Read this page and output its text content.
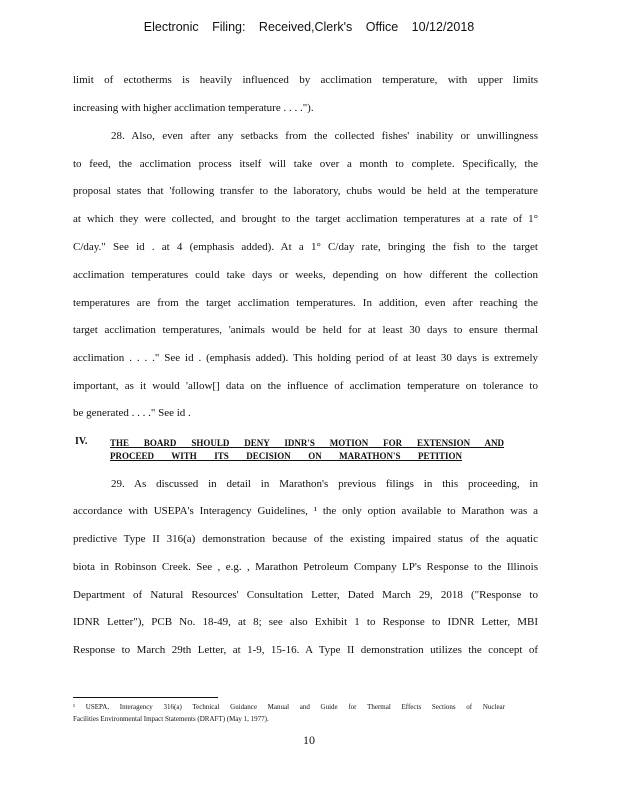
Electronic Filing: Received,Clerk's Office 10/12/2018
limit of ectotherms is heavily influenced by acclimation temperature, with upper limits
increasing with higher acclimation temperature . . . .").
28. Also, even after any setbacks from the collected fishes' inability or unwillingness
to feed, the acclimation process itself will take over a month to complete. Specifically, the
proposal states that 'following transfer to the laboratory, chubs would be held at the temperature
at which they were collected, and brought to the target acclimation temperatures at a rate of 1°
C/day." See id . at 4 (emphasis added). At a 1° C/day rate, bringing the fish to the target
acclimation temperatures could take days or weeks, depending on how different the collection
temperatures are from the target acclimation temperatures. In addition, even after reaching the
target acclimation temperatures, 'animals would be held for at least 30 days to ensure thermal
acclimation . . . ." See id . (emphasis added). This holding period of at least 30 days is extremely
important, as it would 'allow[] data on the influence of acclimation temperature on tolerance to
be generated . . . ." See id .
IV.	THE BOARD SHOULD DENY IDNR'S MOTION FOR EXTENSION AND
PROCEED WITH ITS DECISION ON MARATHON'S PETITION
29. As discussed in detail in Marathon's previous filings in this proceeding, in
accordance with USEPA's Interagency Guidelines, ¹ the only option available to Marathon was a
predictive Type II 316(a) demonstration because of the existing impaired status of the aquatic
biota in Robinson Creek. See , e.g. , Marathon Petroleum Company LP's Response to the Illinois
Department of Natural Resources' Consultation Letter, Dated March 29, 2018 ("Response to
IDNR Letter"), PCB No. 18-49, at 8; see also Exhibit 1 to Response to IDNR Letter, MBI
Response to March 29th Letter, at 1-9, 15-16. A Type II demonstration utilizes the concept of
¹ USEPA, Interagency 316(a) Technical Guidance Manual and Guide for Thermal Effects Sections of Nuclear
Facilities Environmental Impact Statements (DRAFT) (May 1, 1977).
10
